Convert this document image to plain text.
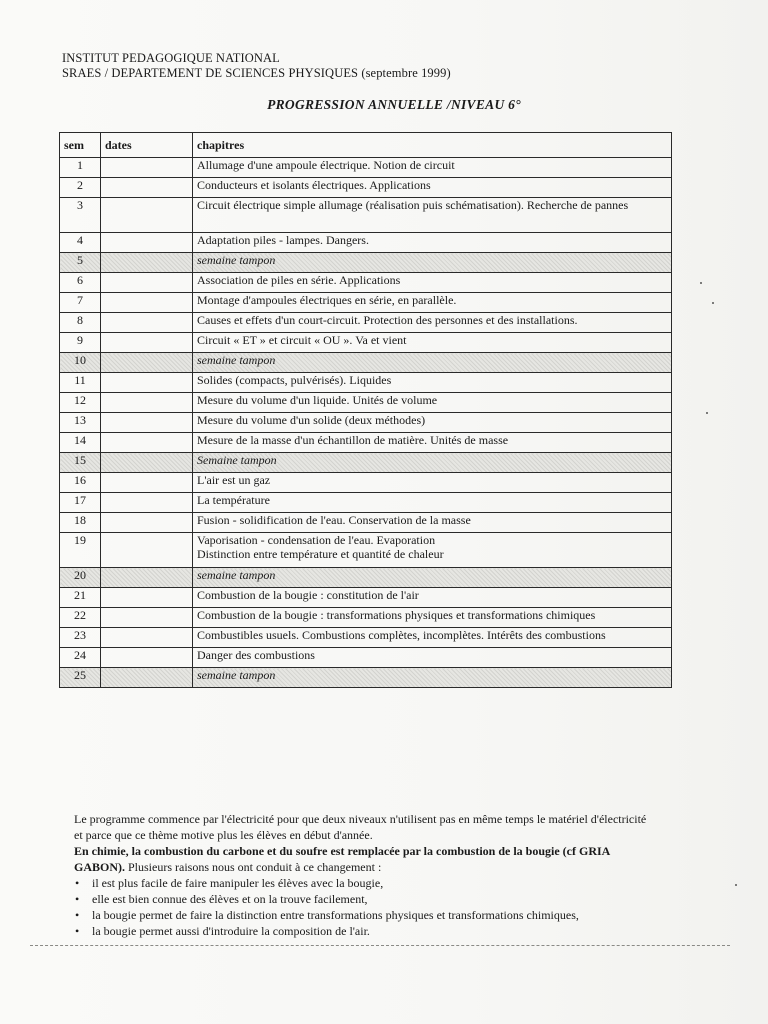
INSTITUT PEDAGOGIQUE NATIONAL
SRAES / DEPARTEMENT DE SCIENCES PHYSIQUES (septembre 1999)
PROGRESSION ANNUELLE /NIVEAU 6°
sem	dates	chapitres
1		Allumage d'une ampoule électrique. Notion de circuit
2		Conducteurs et isolants électriques. Applications
3		Circuit électrique simple allumage (réalisation puis schématisation). Recherche de pannes
4		Adaptation piles - lampes. Dangers.
5		semaine tampon
6		Association de piles en série. Applications
7		Montage d'ampoules électriques en série, en parallèle.
8		Causes et effets d'un court-circuit. Protection des personnes et des installations.
9		Circuit « ET » et circuit « OU ». Va et vient
10		semaine tampon
11		Solides (compacts, pulvérisés). Liquides
12		Mesure du volume d'un liquide. Unités de volume
13		Mesure du volume d'un solide (deux méthodes)
14		Mesure de la masse d'un échantillon de matière. Unités de masse
15		Semaine tampon
16		L'air est un gaz
17		La température
18		Fusion - solidification de l'eau. Conservation de la masse
19		Vaporisation - condensation de l'eau. Evaporation
Distinction entre température et quantité de chaleur
20		semaine tampon
21		Combustion de la bougie : constitution de l'air
22		Combustion de la bougie : transformations physiques et transformations chimiques
23		Combustibles usuels. Combustions complètes, incomplètes. Intérêts des combustions
24		Danger des combustions
25		semaine tampon

Le programme commence par l'électricité pour que deux niveaux n'utilisent pas en même temps le matériel d'électricité et parce que ce thème motive plus les élèves en début d'année.

En chimie, la combustion du carbone et du soufre est remplacée par la combustion de la bougie (cf GRIA GABON). Plusieurs raisons nous ont conduit à ce changement :

• il est plus facile de faire manipuler les élèves avec la bougie,
• elle est bien connue des élèves et on la trouve facilement,
• la bougie permet de faire la distinction entre transformations physiques et transformations chimiques,
• la bougie permet aussi d'introduire la composition de l'air.
